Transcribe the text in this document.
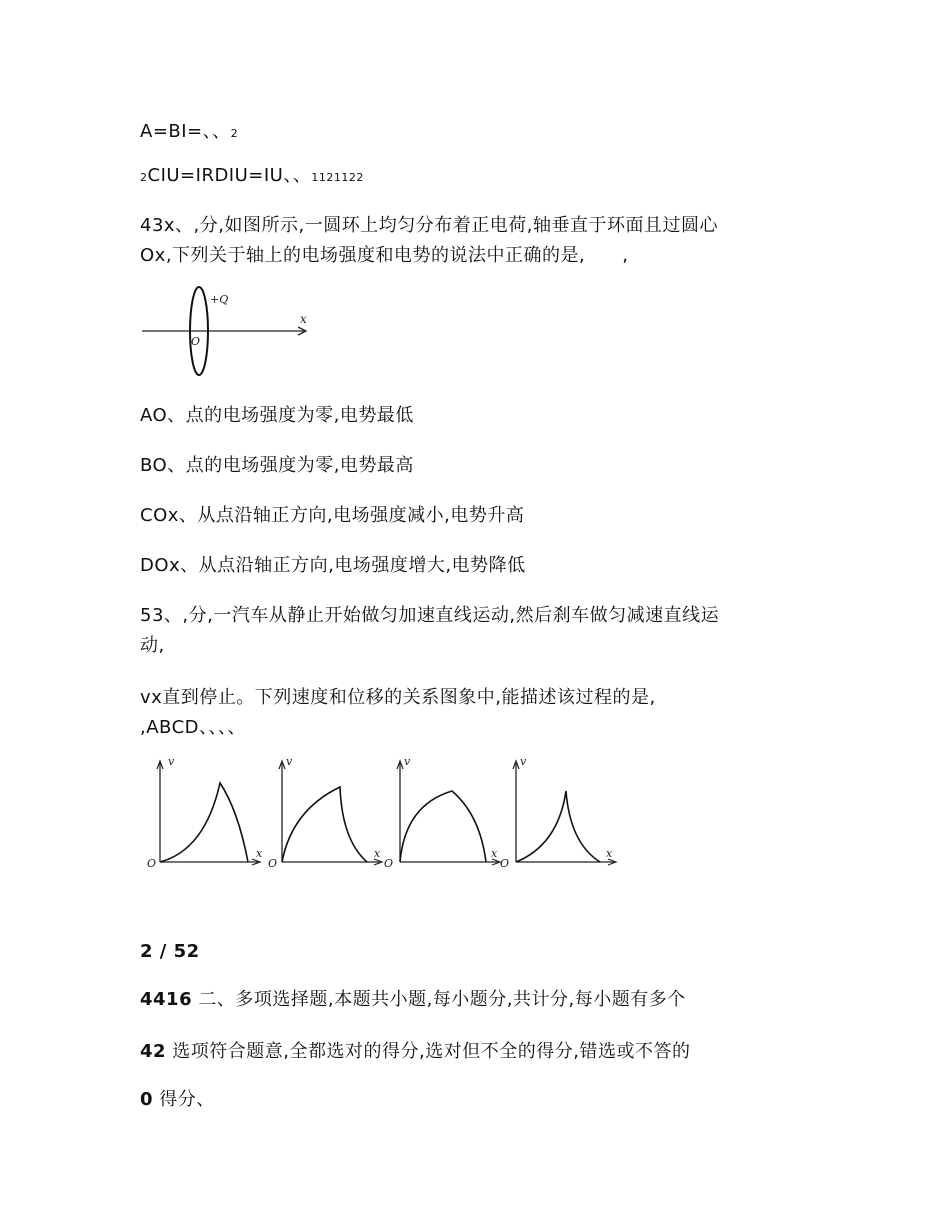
A=BI=、、2
2CIU=IRDIU=IU、、1121122
43x、,分,如图所示,一圆环上均匀分布着正电荷,轴垂直于环面且过圆心
Ox,下列关于轴上的电场强度和电势的说法中正确的是,　　,
+Q
x
O
AO、点的电场强度为零,电势最低
BO、点的电场强度为零,电势最高
COx、从点沿轴正方向,电场强度减小,电势升高
DOx、从点沿轴正方向,电场强度增大,电势降低
53、,分,一汽车从静止开始做匀加速直线运动,然后刹车做匀减速直线运
动,
vx直到停止。下列速度和位移的关系图象中,能描述该过程的是,
,ABCD、、、、
v
x
O
v
x
O
v
x
O
v
x
O
2 / 52
4416 二、多项选择题,本题共小题,每小题分,共计分,每小题有多个
42 选项符合题意,全都选对的得分,选对但不全的得分,错选或不答的
0 得分、
